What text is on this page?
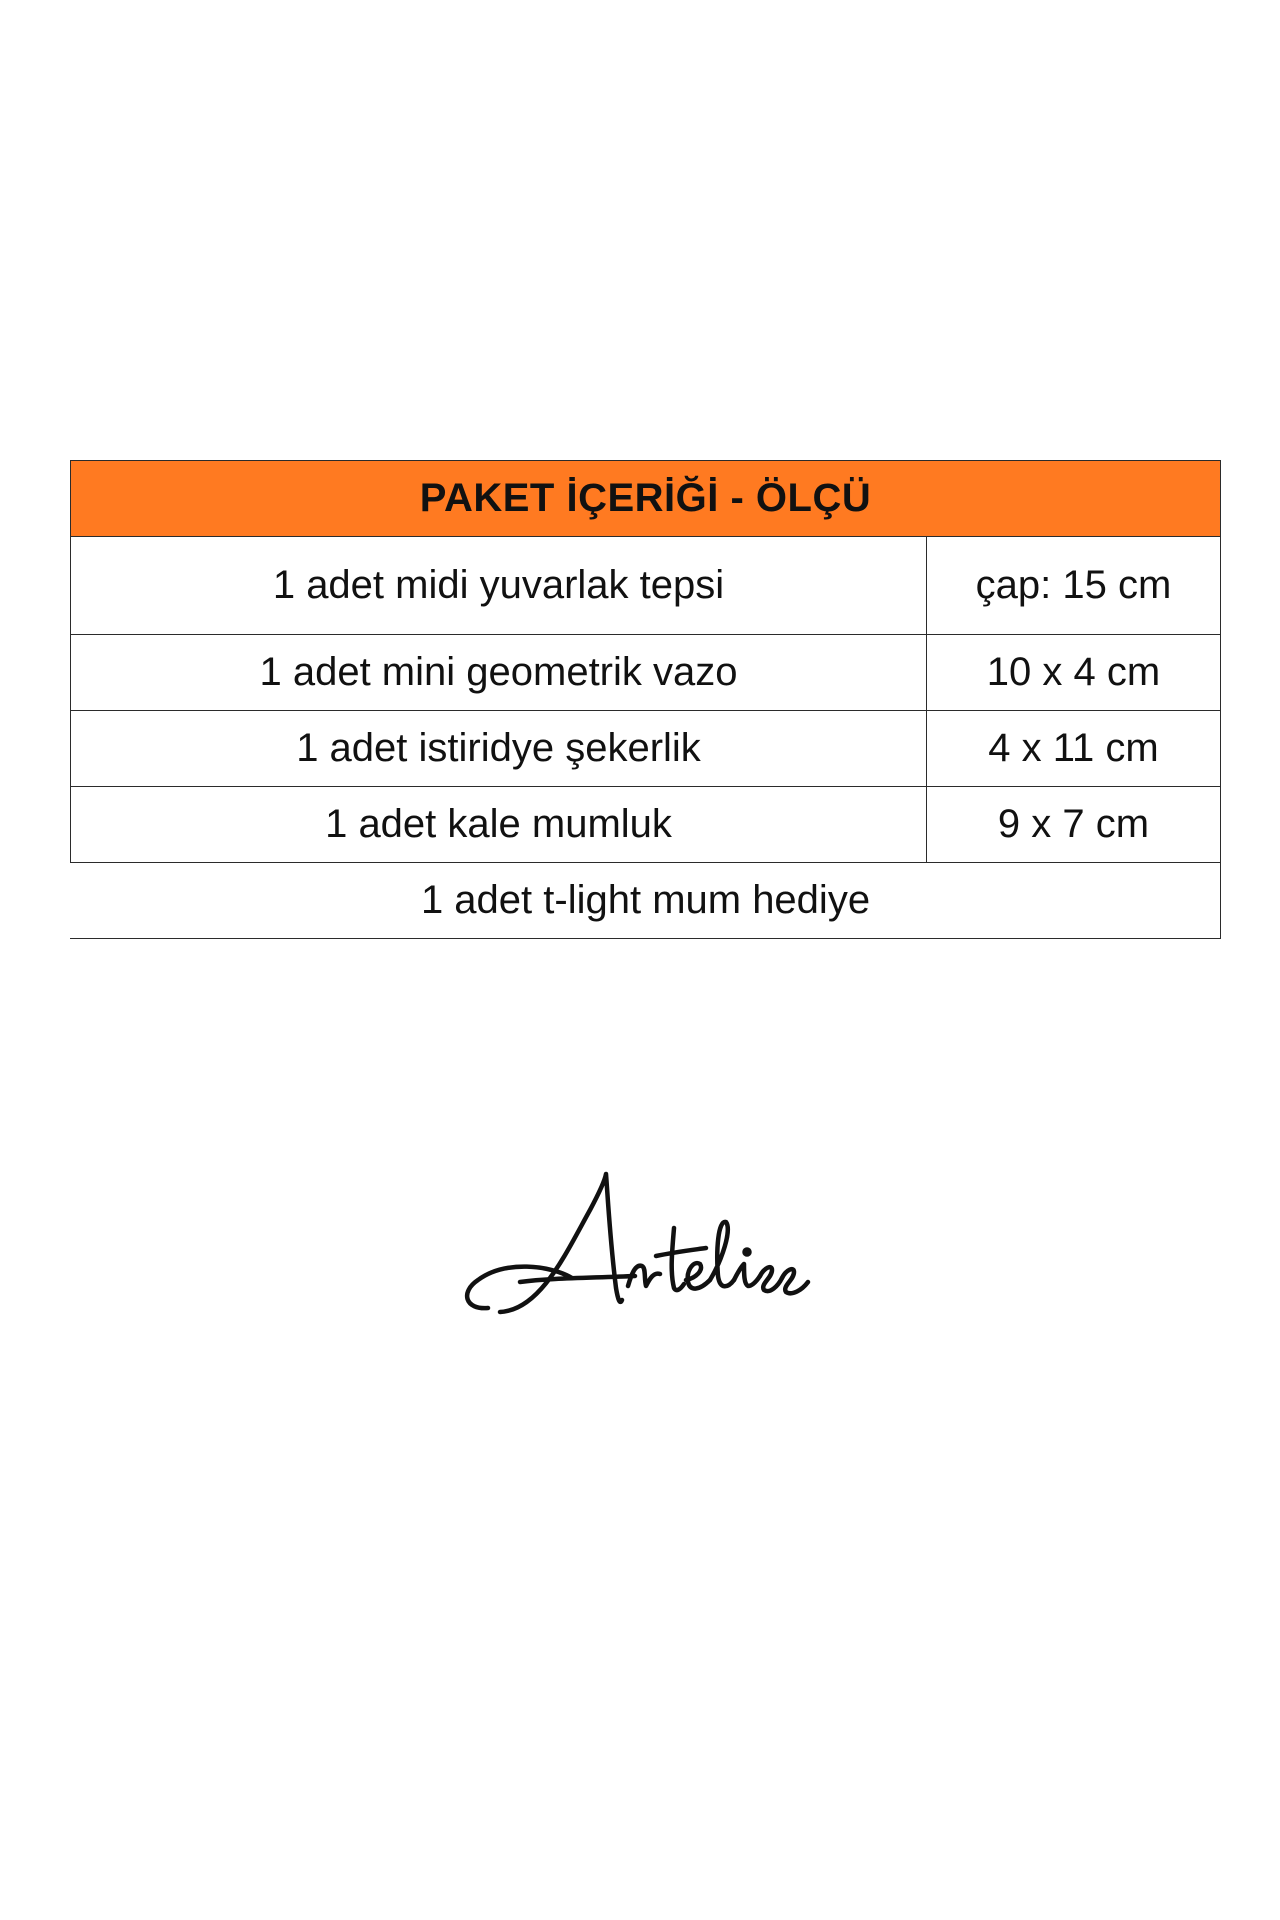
PAKET İÇERİĞİ - ÖLÇÜ	
1 adet midi yuvarlak tepsi	çap: 15 cm
1 adet mini geometrik vazo	10 x 4 cm
1 adet istiridye şekerlik	4 x 11 cm
1 adet kale mumluk	9 x 7 cm
1 adet t-light mum hediye	
